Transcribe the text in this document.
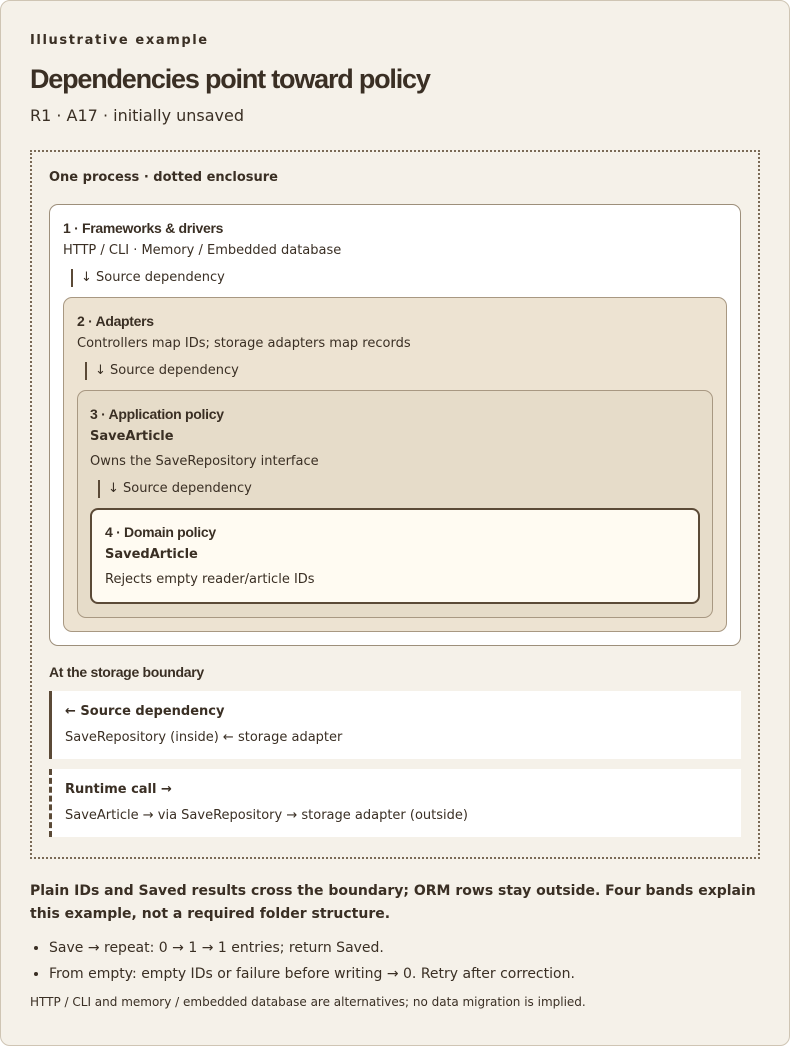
Illustrative example
Dependencies point toward policy
R1 · A17 · initially unsaved
One process · dotted enclosure
1 · Frameworks & drivers
HTTP / CLI · Memory / Embedded database
↓ Source dependency
2 · Adapters
Controllers map IDs; storage adapters map records
↓ Source dependency
3 · Application policy
SaveArticle
Owns the SaveRepository interface
↓ Source dependency
4 · Domain policy
SavedArticle
Rejects empty reader/article IDs
At the storage boundary
← Source dependency
SaveRepository (inside) ← storage adapter
Runtime call →
SaveArticle → via SaveRepository → storage adapter (outside)
Plain IDs and Saved results cross the boundary; ORM rows stay outside. Four bands explain this example, not a required folder structure.
• Save → repeat: 0 → 1 → 1 entries; return Saved.
• From empty: empty IDs or failure before writing → 0. Retry after correction.
HTTP / CLI and memory / embedded database are alternatives; no data migration is implied.
